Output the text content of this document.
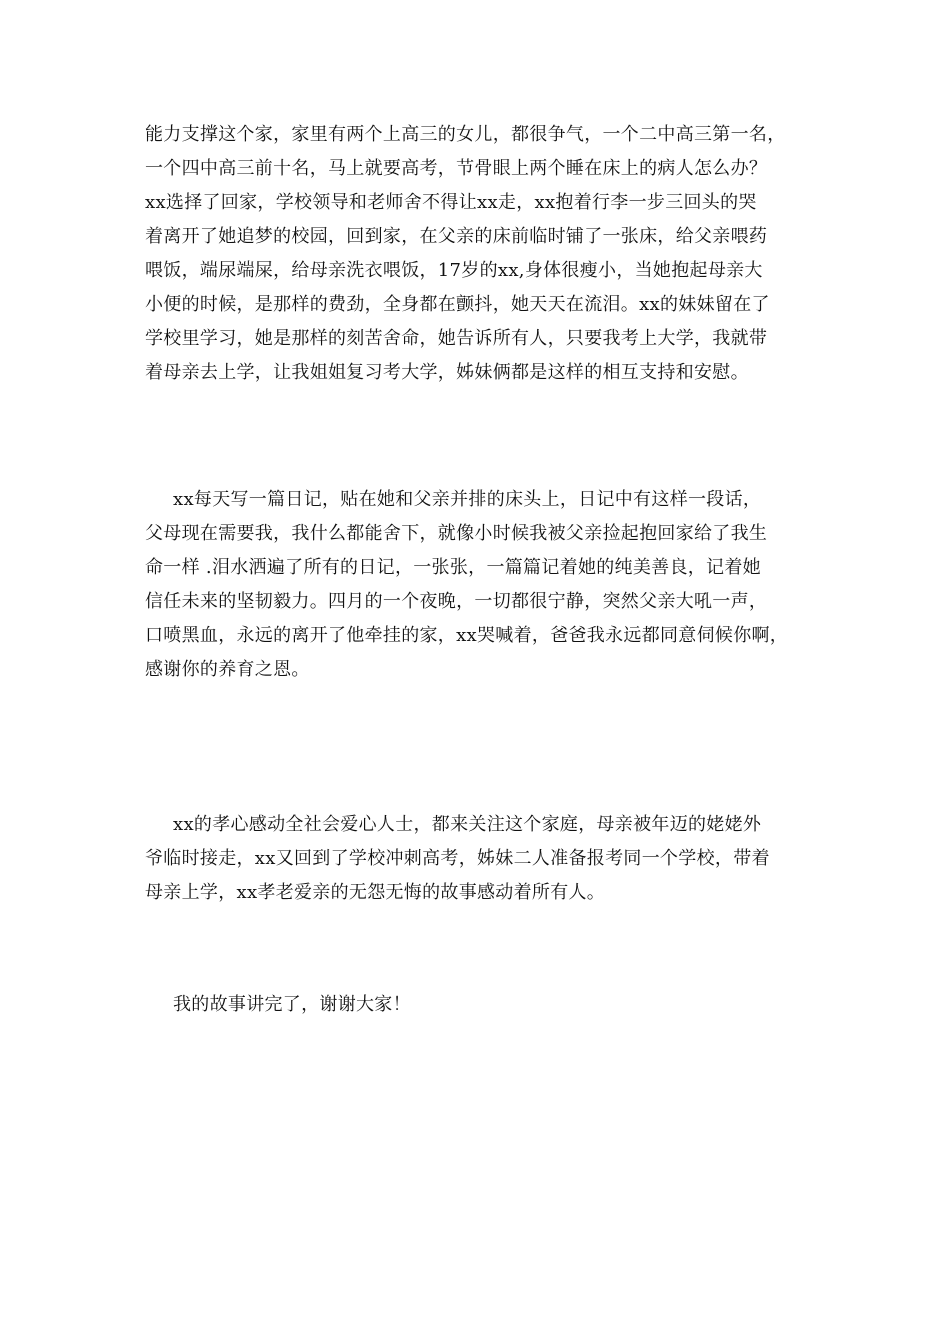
能力支撑这个家，家里有两个上高三的女儿，都很争气，一个二中高三第一名，
一个四中高三前十名，马上就要高考，节骨眼上两个睡在床上的病人怎么办？
xx选择了回家，学校领导和老师舍不得让xx走，xx抱着行李一步三回头的哭
着离开了她追梦的校园，回到家，在父亲的床前临时铺了一张床，给父亲喂药
喂饭，端尿端屎，给母亲洗衣喂饭，17岁的xx,身体很瘦小，当她抱起母亲大
小便的时候，是那样的费劲，全身都在颤抖，她天天在流泪。xx的妹妹留在了
学校里学习，她是那样的刻苦舍命，她告诉所有人，只要我考上大学，我就带
着母亲去上学，让我姐姐复习考大学，姊妹俩都是这样的相互支持和安慰。
xx每天写一篇日记，贴在她和父亲并排的床头上，日记中有这样一段话，
父母现在需要我，我什么都能舍下，就像小时候我被父亲捡起抱回家给了我生
命一样 .泪水洒遍了所有的日记，一张张，一篇篇记着她的纯美善良，记着她
信任未来的坚韧毅力。四月的一个夜晚，一切都很宁静，突然父亲大吼一声，
口喷黑血，永远的离开了他牵挂的家，xx哭喊着，爸爸我永远都同意伺候你啊，
感谢你的养育之恩。
xx的孝心感动全社会爱心人士，都来关注这个家庭，母亲被年迈的姥姥外
爷临时接走，xx又回到了学校冲刺高考，姊妹二人准备报考同一个学校，带着
母亲上学，xx孝老爱亲的无怨无悔的故事感动着所有人。
我的故事讲完了，谢谢大家！
